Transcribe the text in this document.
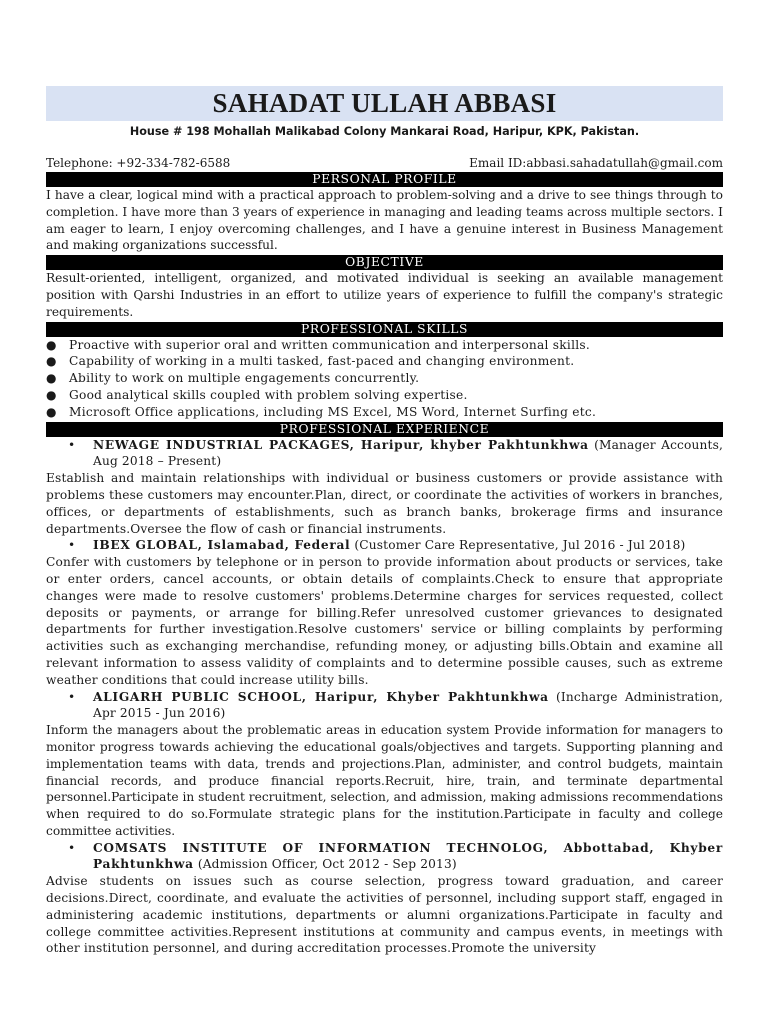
SAHADAT ULLAH ABBASI
House # 198 Mohallah Malikabad Colony Mankarai Road, Haripur, KPK, Pakistan.
Telephone: +92-334-782-6588	Email ID:abbasi.sahadatullah@gmail.com
PERSONAL PROFILE
I have a clear, logical mind with a practical approach to problem-solving and a drive to see things through to completion. I have more than 3 years of experience in managing and leading teams across multiple sectors. I am eager to learn, I enjoy overcoming challenges, and I have a genuine interest in Business Management and making organizations successful.
OBJECTIVE
Result-oriented, intelligent, organized, and motivated individual is seeking an available management position with Qarshi Industries in an effort to utilize years of experience to fulfill the company's strategic requirements.
PROFESSIONAL SKILLS
● Proactive with superior oral and written communication and interpersonal skills.
● Capability of working in a multi tasked, fast-paced and changing environment.
● Ability to work on multiple engagements concurrently.
● Good analytical skills coupled with problem solving expertise.
● Microsoft Office applications, including MS Excel, MS Word, Internet Surfing etc.
PROFESSIONAL EXPERIENCE
• NEWAGE INDUSTRIAL PACKAGES, Haripur, khyber Pakhtunkhwa (Manager Accounts, Aug 2018 – Present)
Establish and maintain relationships with individual or business customers or provide assistance with problems these customers may encounter.Plan, direct, or coordinate the activities of workers in branches, offices, or departments of establishments, such as branch banks, brokerage firms and insurance departments.Oversee the flow of cash or financial instruments.
• IBEX GLOBAL, Islamabad, Federal (Customer Care Representative, Jul 2016 - Jul 2018)
Confer with customers by telephone or in person to provide information about products or services, take or enter orders, cancel accounts, or obtain details of complaints.Check to ensure that appropriate changes were made to resolve customers' problems.Determine charges for services requested, collect deposits or payments, or arrange for billing.Refer unresolved customer grievances to designated departments for further investigation.Resolve customers' service or billing complaints by performing activities such as exchanging merchandise, refunding money, or adjusting bills.Obtain and examine all relevant information to assess validity of complaints and to determine possible causes, such as extreme weather conditions that could increase utility bills.
• ALIGARH PUBLIC SCHOOL, Haripur, Khyber Pakhtunkhwa (Incharge Administration, Apr 2015 - Jun 2016)
Inform the managers about the problematic areas in education system Provide information for managers to monitor progress towards achieving the educational goals/objectives and targets. Supporting planning and implementation teams with data, trends and projections.Plan, administer, and control budgets, maintain financial records, and produce financial reports.Recruit, hire, train, and terminate departmental personnel.Participate in student recruitment, selection, and admission, making admissions recommendations when required to do so.Formulate strategic plans for the institution.Participate in faculty and college committee activities.
• COMSATS INSTITUTE OF INFORMATION TECHNOLOG, Abbottabad, Khyber Pakhtunkhwa (Admission Officer, Oct 2012 - Sep 2013)
Advise students on issues such as course selection, progress toward graduation, and career decisions.Direct, coordinate, and evaluate the activities of personnel, including support staff, engaged in administering academic institutions, departments or alumni organizations.Participate in faculty and college committee activities.Represent institutions at community and campus events, in meetings with other institution personnel, and during accreditation processes.Promote the university
